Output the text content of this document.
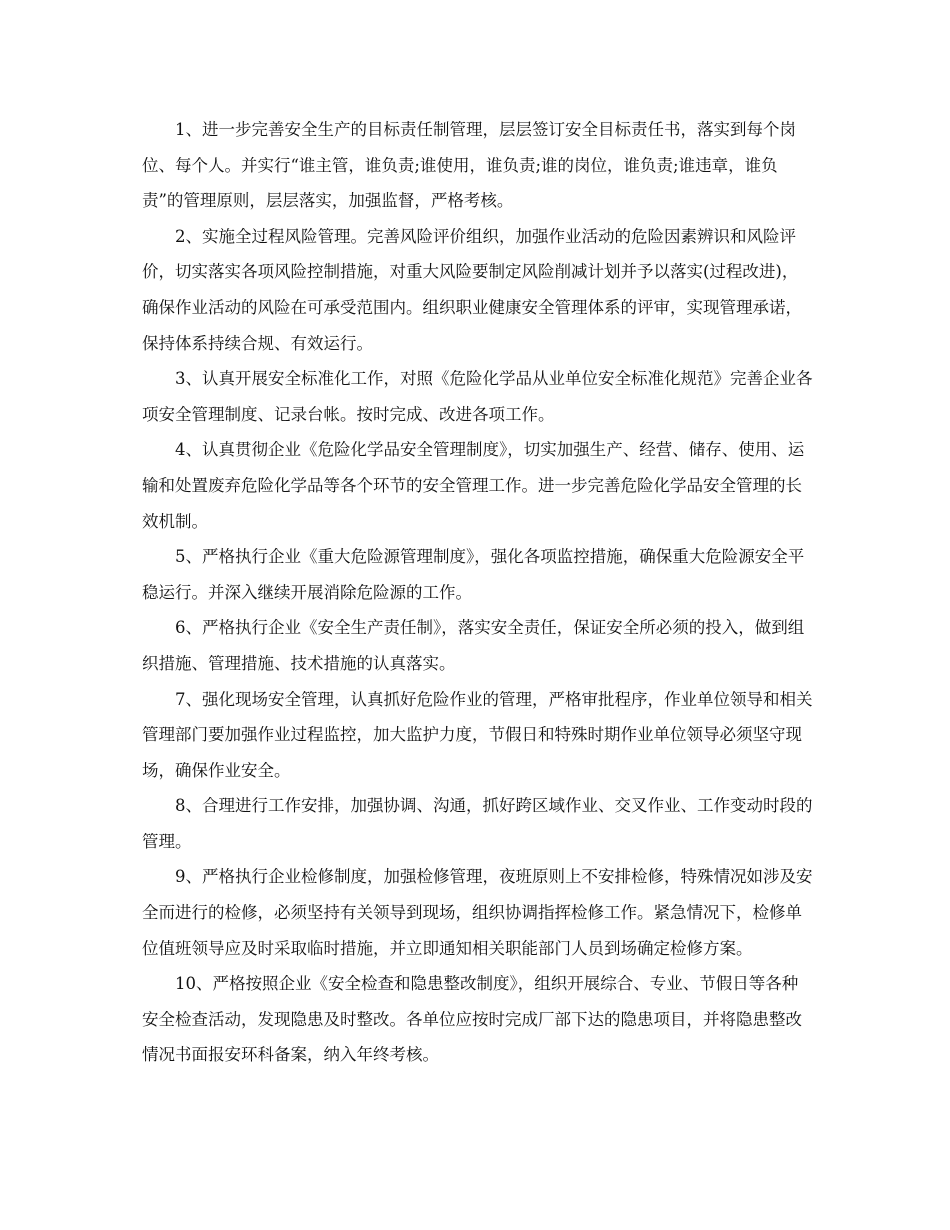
1、进一步完善安全生产的目标责任制管理，层层签订安全目标责任书，落实到每个岗位、每个人。并实行“谁主管，谁负责;谁使用，谁负责;谁的岗位，谁负责;谁违章，谁负责”的管理原则，层层落实，加强监督，严格考核。

2、实施全过程风险管理。完善风险评价组织，加强作业活动的危险因素辨识和风险评价，切实落实各项风险控制措施，对重大风险要制定风险削减计划并予以落实(过程改进)，确保作业活动的风险在可承受范围内。组织职业健康安全管理体系的评审，实现管理承诺，保持体系持续合规、有效运行。

3、认真开展安全标准化工作，对照《危险化学品从业单位安全标准化规范》完善企业各项安全管理制度、记录台帐。按时完成、改进各项工作。

4、认真贯彻企业《危险化学品安全管理制度》，切实加强生产、经营、储存、使用、运输和处置废弃危险化学品等各个环节的安全管理工作。进一步完善危险化学品安全管理的长效机制。

5、严格执行企业《重大危险源管理制度》，强化各项监控措施，确保重大危险源安全平稳运行。并深入继续开展消除危险源的工作。

6、严格执行企业《安全生产责任制》，落实安全责任，保证安全所必须的投入，做到组织措施、管理措施、技术措施的认真落实。

7、强化现场安全管理，认真抓好危险作业的管理，严格审批程序，作业单位领导和相关管理部门要加强作业过程监控，加大监护力度，节假日和特殊时期作业单位领导必须坚守现场，确保作业安全。

8、合理进行工作安排，加强协调、沟通，抓好跨区域作业、交叉作业、工作变动时段的管理。

9、严格执行企业检修制度，加强检修管理，夜班原则上不安排检修，特殊情况如涉及安全而进行的检修，必须坚持有关领导到现场，组织协调指挥检修工作。紧急情况下，检修单位值班领导应及时采取临时措施，并立即通知相关职能部门人员到场确定检修方案。

10、严格按照企业《安全检查和隐患整改制度》，组织开展综合、专业、节假日等各种安全检查活动，发现隐患及时整改。各单位应按时完成厂部下达的隐患项目，并将隐患整改情况书面报安环科备案，纳入年终考核。
